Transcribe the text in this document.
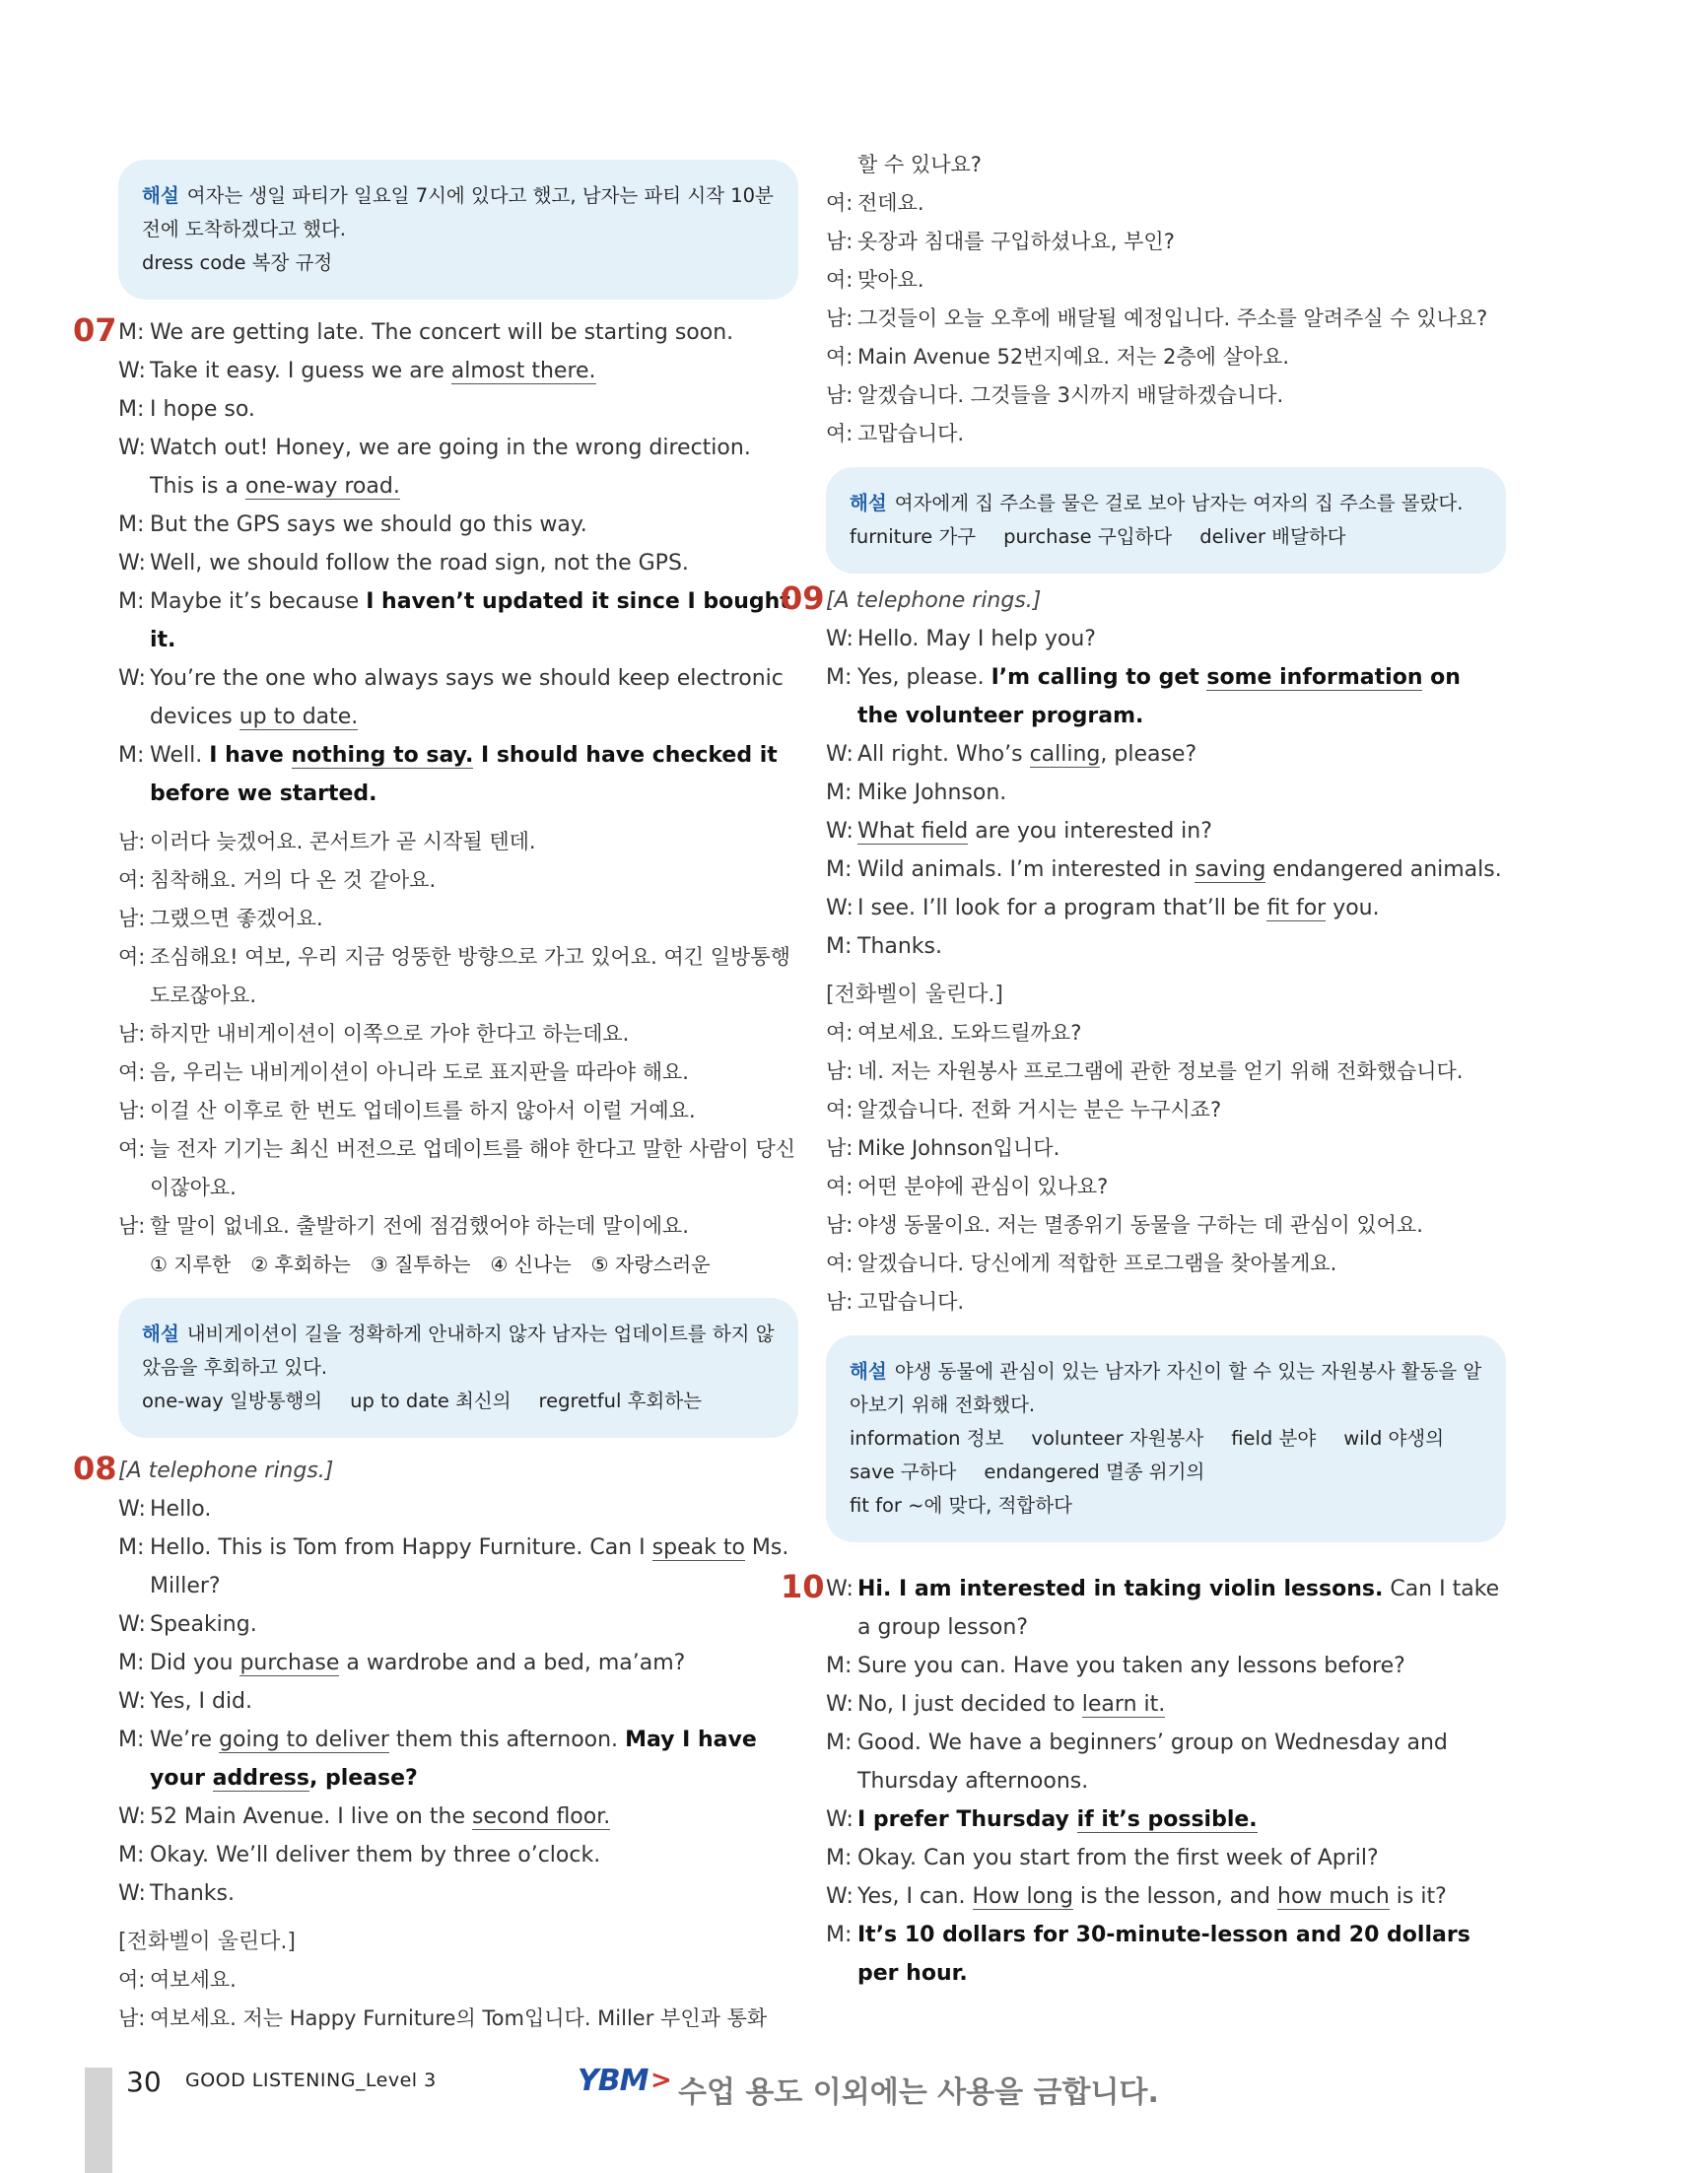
해설 여자는 생일 파티가 일요일 7시에 있다고 했고, 남자는 파티 시작 10분 전에 도착하겠다고 했다.
dress code 복장 규정
07 M: We are getting late. The concert will be starting soon.
W: Take it easy. I guess we are almost there.
M: I hope so.
W: Watch out! Honey, we are going in the wrong direction. This is a one-way road.
M: But the GPS says we should go this way.
W: Well, we should follow the road sign, not the GPS.
M: Maybe it’s because I haven’t updated it since I bought it.
W: You’re the one who always says we should keep electronic devices up to date.
M: Well. I have nothing to say. I should have checked it before we started.
남: 이러다 늦겠어요. 콘서트가 곧 시작될 텐데.
여: 침착해요. 거의 다 온 것 같아요.
남: 그랬으면 좋겠어요.
여: 조심해요! 여보, 우리 지금 엉뚱한 방향으로 가고 있어요. 여긴 일방통행 도로잖아요.
남: 하지만 내비게이션이 이쪽으로 가야 한다고 하는데요.
여: 음, 우리는 내비게이션이 아니라 도로 표지판을 따라야 해요.
남: 이걸 산 이후로 한 번도 업데이트를 하지 않아서 이럴 거예요.
여: 늘 전자 기기는 최신 버전으로 업데이트를 해야 한다고 말한 사람이 당신이잖아요.
남: 할 말이 없네요. 출발하기 전에 점검했어야 하는데 말이에요.
① 지루한 ② 후회하는 ③ 질투하는 ④ 신나는 ⑤ 자랑스러운
해설 내비게이션이 길을 정확하게 안내하지 않자 남자는 업데이트를 하지 않았음을 후회하고 있다.
one-way 일방통행의 up to date 최신의 regretful 후회하는
08 [A telephone rings.]
W: Hello.
M: Hello. This is Tom from Happy Furniture. Can I speak to Ms. Miller?
W: Speaking.
M: Did you purchase a wardrobe and a bed, ma’am?
W: Yes, I did.
M: We’re going to deliver them this afternoon. May I have your address, please?
W: 52 Main Avenue. I live on the second floor.
M: Okay. We’ll deliver them by three o’clock.
W: Thanks.
[전화벨이 울린다.]
여: 여보세요.
남: 여보세요. 저는 Happy Furniture의 Tom입니다. Miller 부인과 통화
할 수 있나요?
여: 전데요.
남: 옷장과 침대를 구입하셨나요, 부인?
여: 맞아요.
남: 그것들이 오늘 오후에 배달될 예정입니다. 주소를 알려주실 수 있나요?
여: Main Avenue 52번지예요. 저는 2층에 살아요.
남: 알겠습니다. 그것들을 3시까지 배달하겠습니다.
여: 고맙습니다.
해설 여자에게 집 주소를 물은 걸로 보아 남자는 여자의 집 주소를 몰랐다.
furniture 가구 purchase 구입하다 deliver 배달하다
09 [A telephone rings.]
W: Hello. May I help you?
M: Yes, please. I’m calling to get some information on the volunteer program.
W: All right. Who’s calling, please?
M: Mike Johnson.
W: What field are you interested in?
M: Wild animals. I’m interested in saving endangered animals.
W: I see. I’ll look for a program that’ll be fit for you.
M: Thanks.
[전화벨이 울린다.]
여: 여보세요. 도와드릴까요?
남: 네. 저는 자원봉사 프로그램에 관한 정보를 얻기 위해 전화했습니다.
여: 알겠습니다. 전화 거시는 분은 누구시죠?
남: Mike Johnson입니다.
여: 어떤 분야에 관심이 있나요?
남: 야생 동물이요. 저는 멸종위기 동물을 구하는 데 관심이 있어요.
여: 알겠습니다. 당신에게 적합한 프로그램을 찾아볼게요.
남: 고맙습니다.
해설 야생 동물에 관심이 있는 남자가 자신이 할 수 있는 자원봉사 활동을 알아보기 위해 전화했다.
information 정보 volunteer 자원봉사 field 분야 wild 야생의save 구하다 endangered 멸종 위기의fit for ~에 맞다, 적합하다
10 W: Hi. I am interested in taking violin lessons. Can I take a group lesson?
M: Sure you can. Have you taken any lessons before?
W: No, I just decided to learn it.
M: Good. We have a beginners’ group on Wednesday and Thursday afternoons.
W: I prefer Thursday if it’s possible.
M: Okay. Can you start from the first week of April?
W: Yes, I can. How long is the lesson, and how much is it?
M: It’s 10 dollars for 30-minute-lesson and 20 dollars per hour.
30 GOOD LISTENING_Level 3	YBM > 수업 용도 이외에는 사용을 금합니다.
